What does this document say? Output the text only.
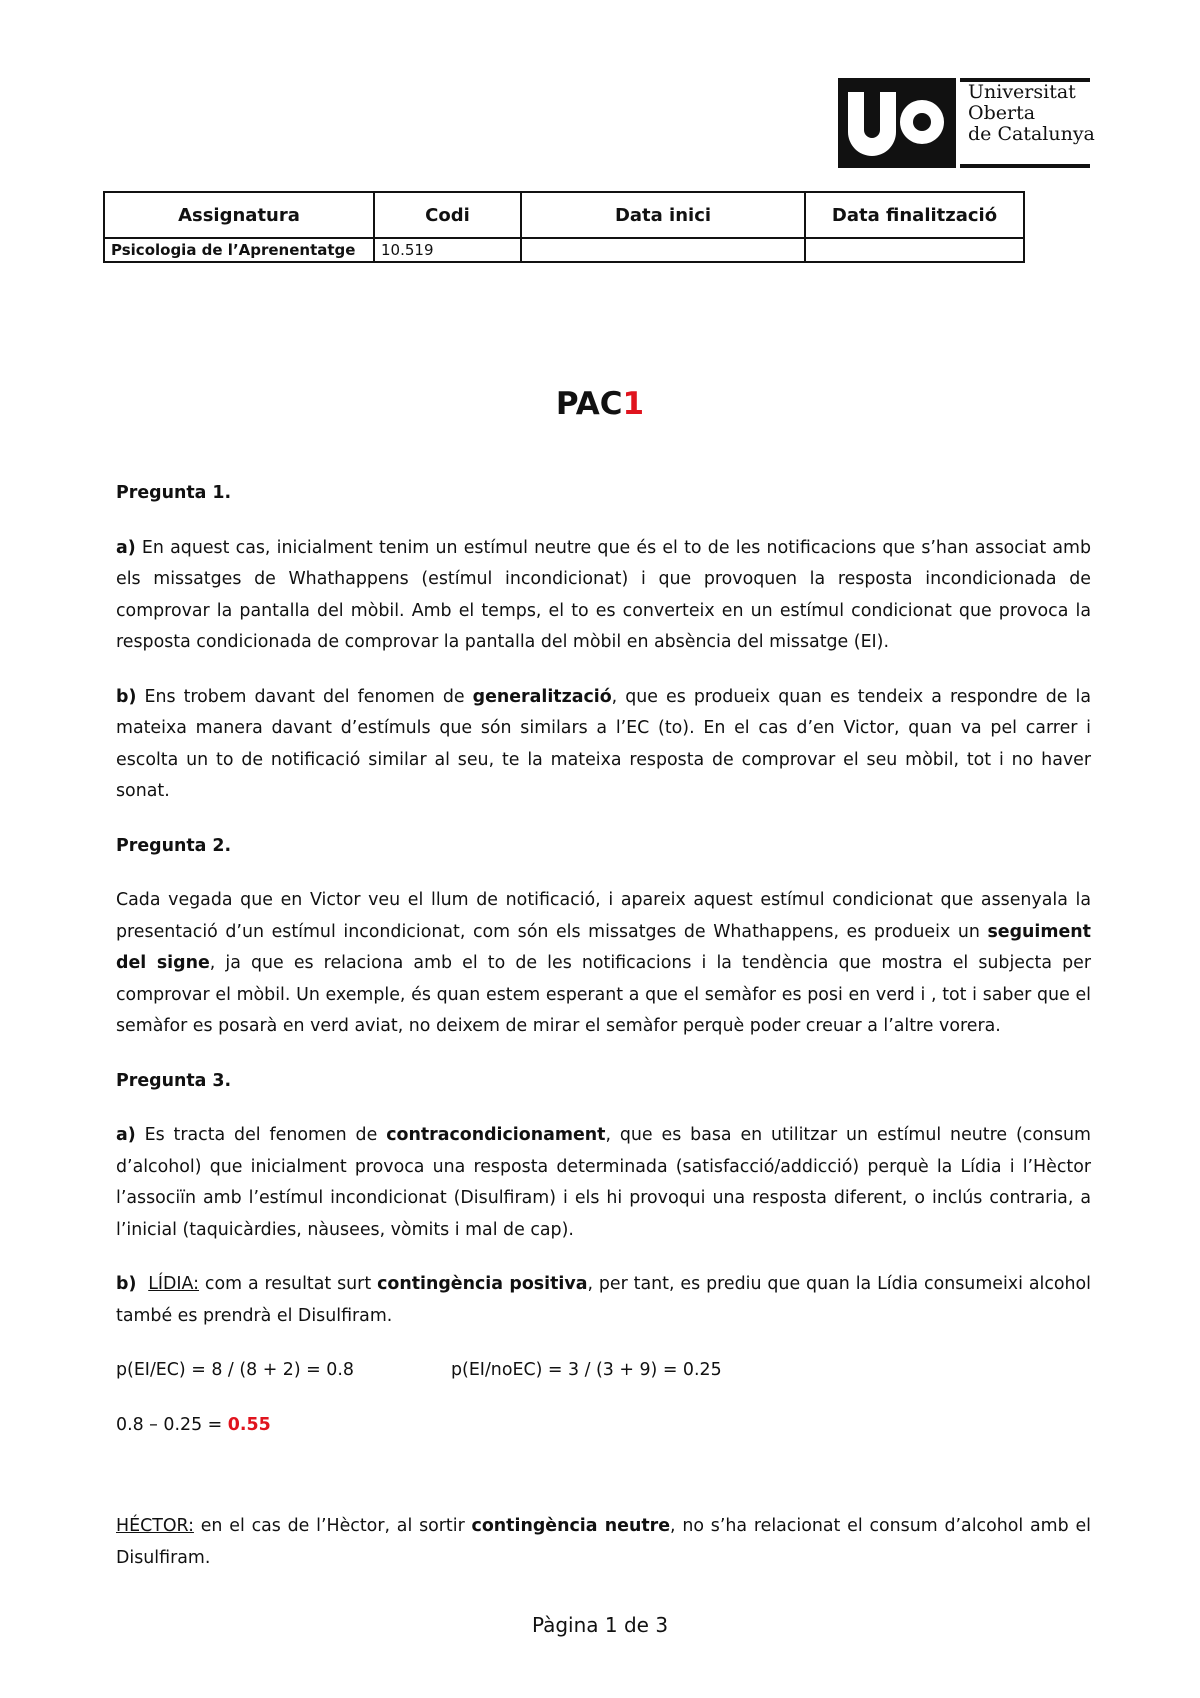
Universitat
Oberta
de Catalunya
Assignatura	Codi	Data inici	Data finalització
Psicologia de l’Aprenentatge	10.519		
PAC1
Pregunta 1.

a) En aquest cas, inicialment tenim un estímul neutre que és el to de les notificacions que s’han associat amb els missatges de Whathappens (estímul incondicionat) i que provoquen la resposta incondicionada de comprovar la pantalla del mòbil. Amb el temps, el to es converteix en un estímul condicionat que provoca la resposta condicionada de comprovar la pantalla del mòbil en absència del missatge (EI).

b) Ens trobem davant del fenomen de generalització, que es produeix quan es tendeix a respondre de la mateixa manera davant d’estímuls que són similars a l’EC (to). En el cas d’en Victor, quan va pel carrer i escolta un to de notificació similar al seu, te la mateixa resposta de comprovar el seu mòbil, tot i no haver sonat.

Pregunta 2.

Cada vegada que en Victor veu el llum de notificació, i apareix aquest estímul condicionat que assenyala la presentació d’un estímul incondicionat, com són els missatges de Whathappens, es produeix un seguiment del signe, ja que es relaciona amb el to de les notificacions i la tendència que mostra el subjecta per comprovar el mòbil. Un exemple, és quan estem esperant a que el semàfor es posi en verd i , tot i saber que el semàfor es posarà en verd aviat, no deixem de mirar el semàfor perquè poder creuar a l’altre vorera.

Pregunta 3.

a) Es tracta del fenomen de contracondicionament, que es basa en utilitzar un estímul neutre (consum d’alcohol) que inicialment provoca una resposta determinada (satisfacció/addicció) perquè la Lídia i l’Hèctor l’associïn amb l’estímul incondicionat (Disulfiram) i els hi provoqui una resposta diferent, o inclús contraria, a l’inicial (taquicàrdies, nàusees, vòmits i mal de cap).

b) LÍDIA: com a resultat surt contingència positiva, per tant, es prediu que quan la Lídia consumeixi alcohol també es prendrà el Disulfiram.

p(EI/EC) = 8 / (8 + 2) = 0.8	p(EI/noEC) = 3 / (3 + 9) = 0.25

0.8 – 0.25 = 0.55

HÉCTOR: en el cas de l’Hèctor, al sortir contingència neutre, no s’ha relacionat el consum d’alcohol amb el Disulfiram.

Pàgina 1 de 3
